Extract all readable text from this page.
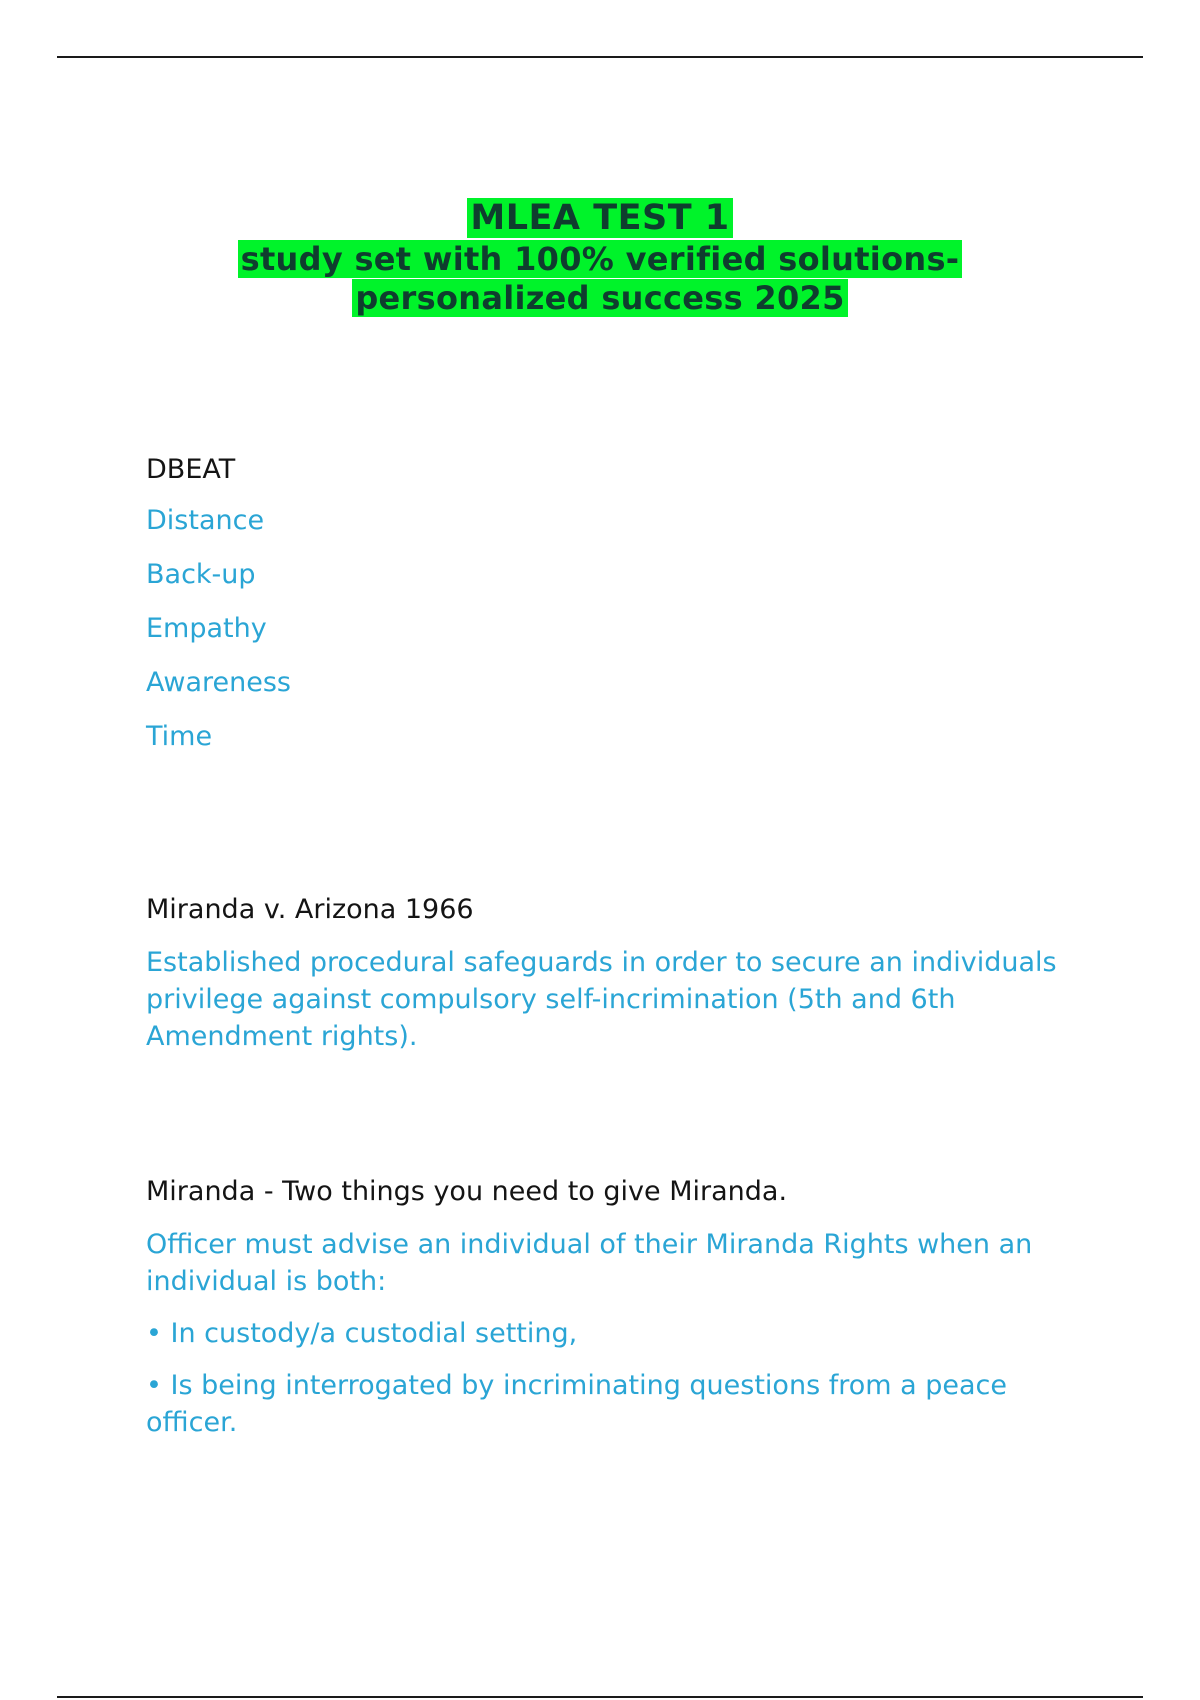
MLEA TEST 1
study set with 100% verified solutions-
personalized success 2025

DBEAT

Distance

Back-up

Empathy

Awareness

Time

Miranda v. Arizona 1966

Established procedural safeguards in order to secure an individuals privilege against compulsory self-incrimination (5th and 6th Amendment rights).

Miranda - Two things you need to give Miranda.

Officer must advise an individual of their Miranda Rights when an individual is both:

• In custody/a custodial setting,

• Is being interrogated by incriminating questions from a peace officer.
